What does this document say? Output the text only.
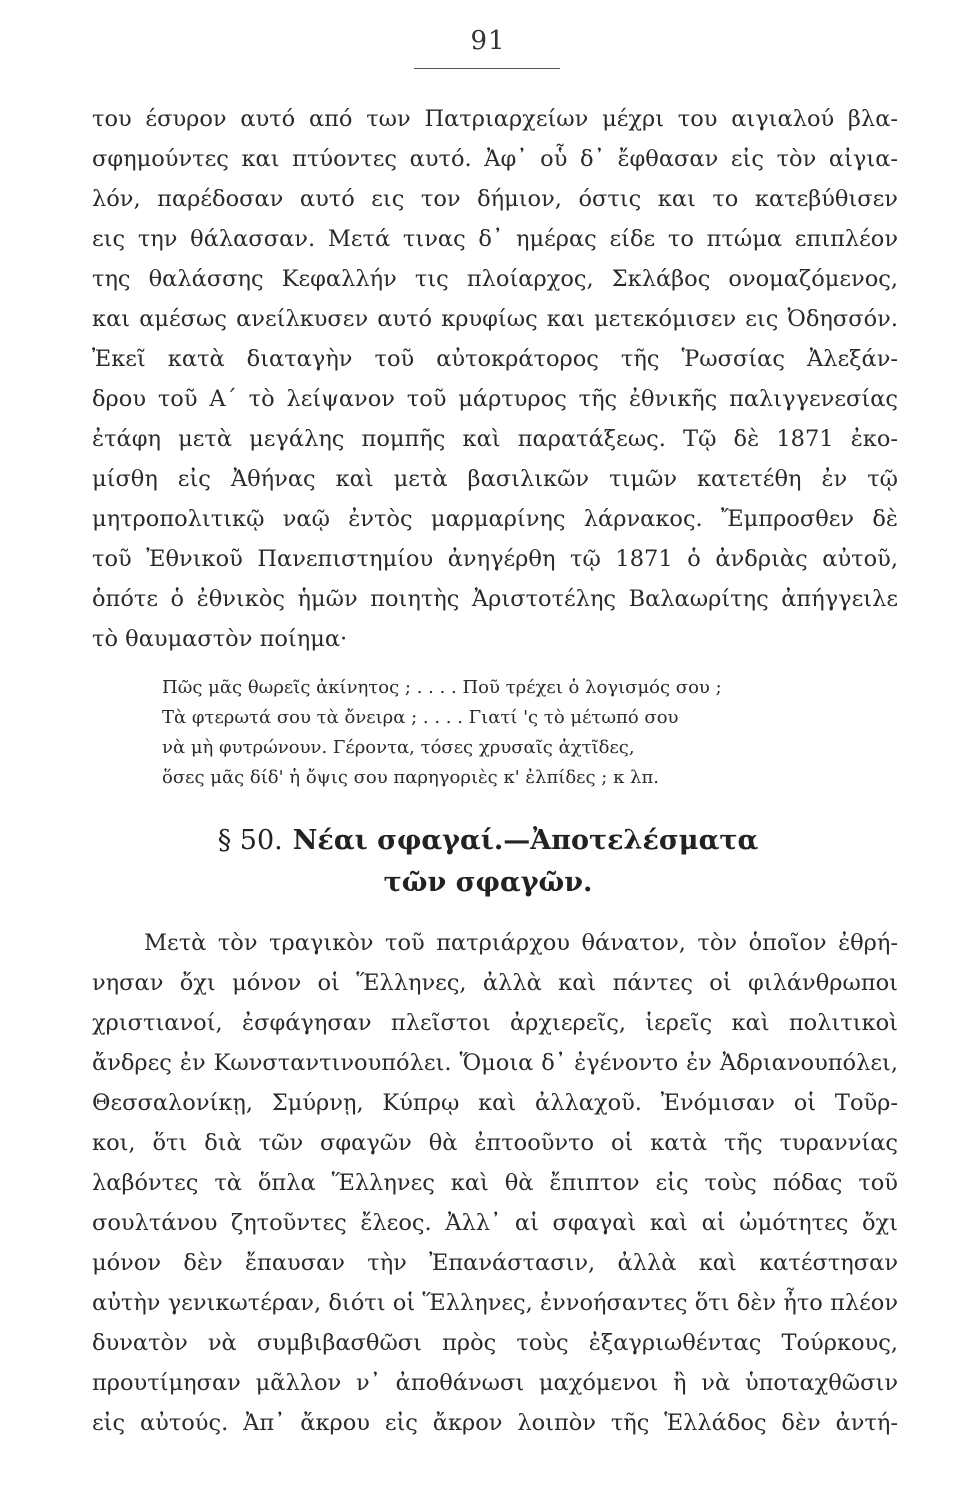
91
του έσυρον αυτό από των Πατριαρχείων μέχρι του αιγιαλού βλα-
σφημούντες και πτύοντες αυτό. Ἀφ᾽ οὗ δ᾽ ἔφθασαν εἰς τὸν αἰγια-
λόν, παρέδοσαν αυτό εις τον δήμιον, όστις και το κατεβύθισεν
εις την θάλασσαν. Μετά τινας δ᾽ ημέρας είδε το πτώμα επιπλέον
της θαλάσσης Κεφαλλήν τις πλοίαρχος, Σκλάβος ονομαζόμενος,
και αμέσως ανείλκυσεν αυτό κρυφίως και μετεκόμισεν εις Ὀδησσόν.
Ἐκεῖ κατὰ διαταγὴν τοῦ αὐτοκράτορος τῆς Ῥωσσίας Ἀλεξάν-
δρου τοῦ Α´ τὸ λείψανον τοῦ μάρτυρος τῆς ἐθνικῆς παλιγγενεσίας
ἐτάφη μετὰ μεγάλης πομπῆς καὶ παρατάξεως. Τῷ δὲ 1871 ἐκο-
μίσθη εἰς Ἀθήνας καὶ μετὰ βασιλικῶν τιμῶν κατετέθη ἐν τῷ
μητροπολιτικῷ ναῷ ἐντὸς μαρμαρίνης λάρνακος. Ἔμπροσθεν δὲ
τοῦ Ἐθνικοῦ Πανεπιστημίου ἀνηγέρθη τῷ 1871 ὁ ἀνδριὰς αὐτοῦ,
ὁπότε ὁ ἐθνικὸς ἡμῶν ποιητὴς Ἀριστοτέλης Βαλαωρίτης ἀπήγγειλε
τὸ θαυμαστὸν ποίημα·
Πῶς μᾶς θωρεῖς ἀκίνητος ; . . . . Ποῦ τρέχει ὁ λογισμός σου ;
Τὰ φτερωτά σου τὰ ὄνειρα ; . . . . Γιατί 'ς τὸ μέτωπό σου
νὰ μὴ φυτρώνουν. Γέροντα, τόσες χρυσαῖς ἀχτῖδες,
ὅσες μᾶς δίδ' ἡ ὄψις σου παρηγοριὲς κ' ἐλπίδες ; κ λπ.
§ 50. Νέαι σφαγαί.—Ἀποτελέσματα
τῶν σφαγῶν.
Μετὰ τὸν τραγικὸν τοῦ πατριάρχου θάνατον, τὸν ὁποῖον ἐθρή-
νησαν ὄχι μόνον οἱ Ἕλληνες, ἀλλὰ καὶ πάντες οἱ φιλάνθρωποι
χριστιανοί, ἐσφάγησαν πλεῖστοι ἀρχιερεῖς, ἱερεῖς καὶ πολιτικοὶ
ἄνδρες ἐν Κωνσταντινουπόλει. Ὅμοια δ᾽ ἐγένοντο ἐν Ἀδριανουπόλει,
Θεσσαλονίκῃ, Σμύρνῃ, Κύπρῳ καὶ ἀλλαχοῦ. Ἐνόμισαν οἱ Τοῦρ-
κοι, ὅτι διὰ τῶν σφαγῶν θὰ ἐπτοοῦντο οἱ κατὰ τῆς τυραννίας
λαβόντες τὰ ὅπλα Ἕλληνες καὶ θὰ ἔπιπτον εἰς τοὺς πόδας τοῦ
σουλτάνου ζητοῦντες ἔλεος. Ἀλλ᾽ αἱ σφαγαὶ καὶ αἱ ὠμότητες ὄχι
μόνον δὲν ἔπαυσαν τὴν Ἐπανάστασιν, ἀλλὰ καὶ κατέστησαν
αὐτὴν γενικωτέραν, διότι οἱ Ἕλληνες, ἐννοήσαντες ὅτι δὲν ἦτο πλέον
δυνατὸν νὰ συμβιβασθῶσι πρὸς τοὺς ἐξαγριωθέντας Τούρκους,
προυτίμησαν μᾶλλον ν᾽ ἀποθάνωσι μαχόμενοι ἢ νὰ ὑποταχθῶσιν
εἰς αὐτούς. Ἀπ᾽ ἄκρου εἰς ἄκρον λοιπὸν τῆς Ἑλλάδος δὲν ἀντή-
